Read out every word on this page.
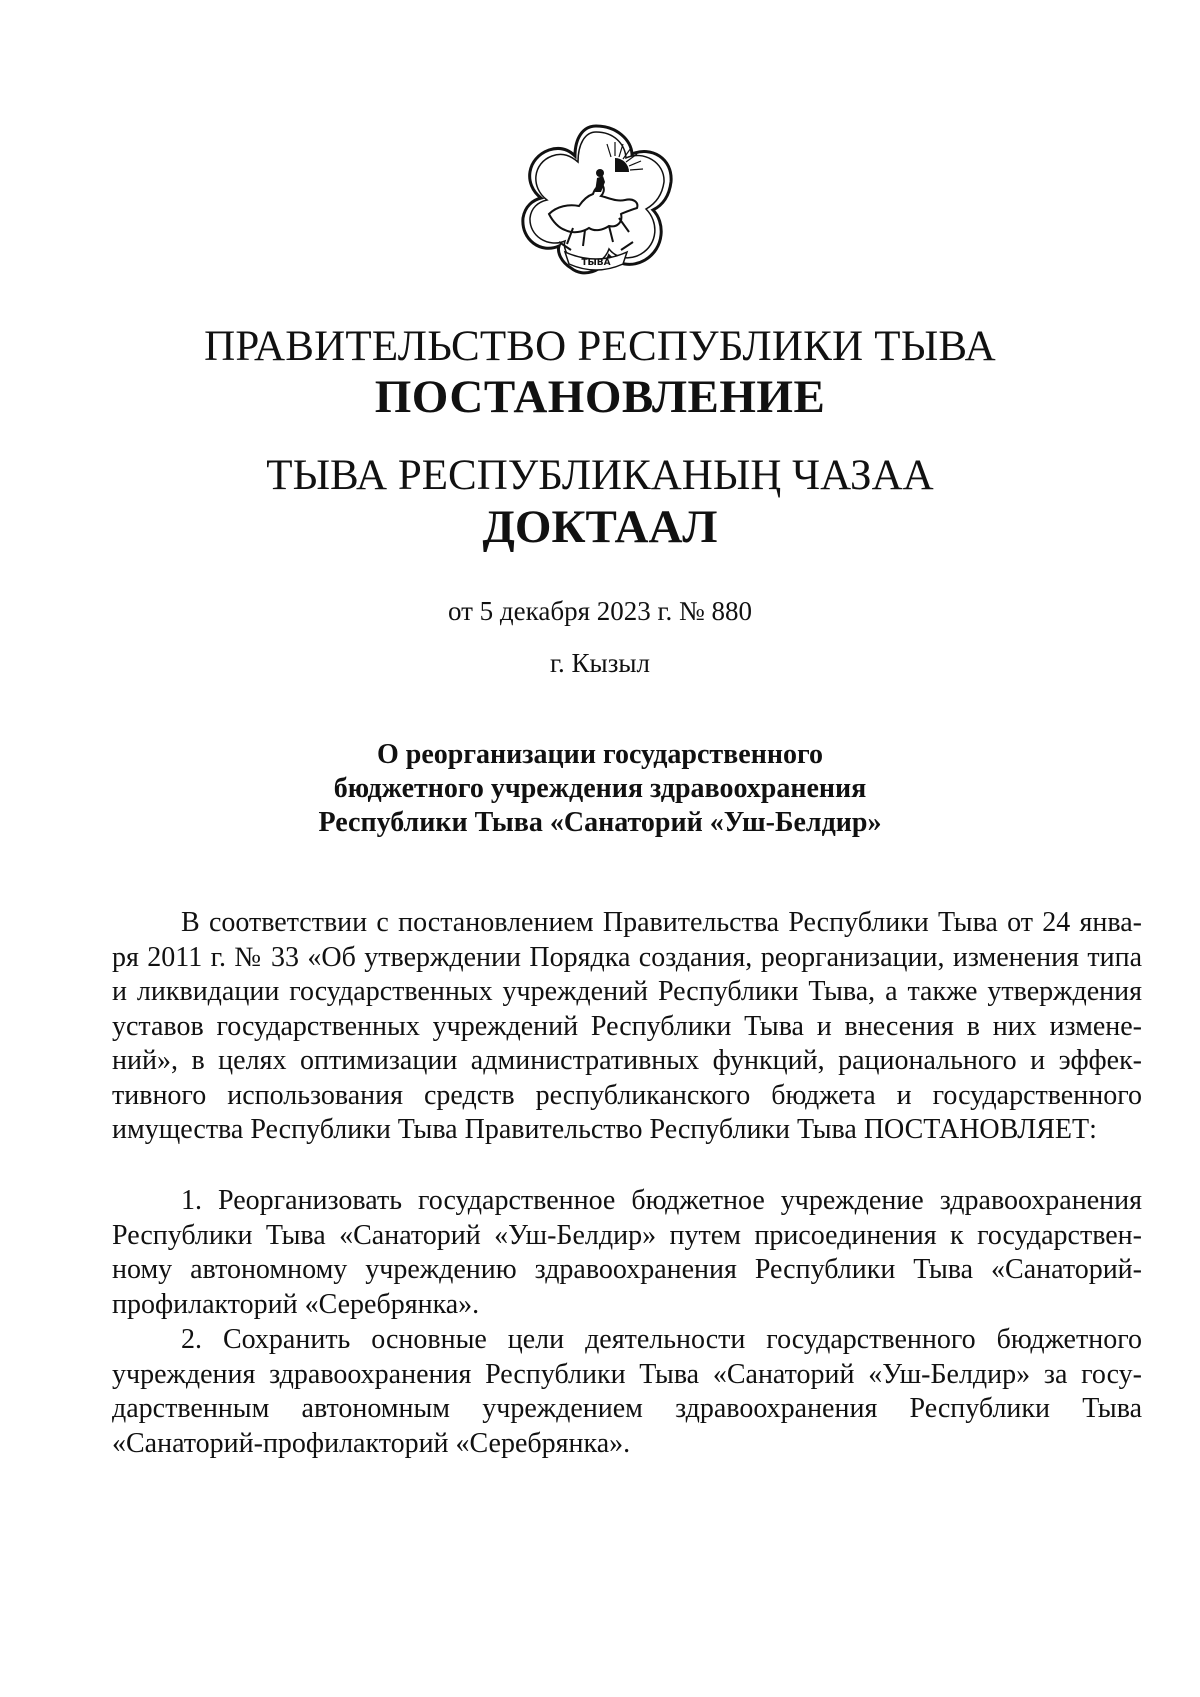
ТЫВА
ПРАВИТЕЛЬСТВО РЕСПУБЛИКИ ТЫВА
ПОСТАНОВЛЕНИЕ
ТЫВА РЕСПУБЛИКАНЫҢ ЧАЗАА
ДОКТААЛ
от 5 декабря 2023 г. № 880
г. Кызыл
О реорганизации государственного
бюджетного учреждения здравоохранения
Республики Тыва «Санаторий «Уш-Белдир»
В соответствии с постановлением Правительства Республики Тыва от 24 янва-
ря 2011 г. № 33 «Об утверждении Порядка создания, реорганизации, изменения типа
и ликвидации государственных учреждений Республики Тыва, а также утверждения
уставов государственных учреждений Республики Тыва и внесения в них измене-
ний», в целях оптимизации административных функций, рационального и эффек-
тивного использования средств республиканского бюджета и государственного
имущества Республики Тыва Правительство Республики Тыва ПОСТАНОВЛЯЕТ:
1. Реорганизовать государственное бюджетное учреждение здравоохранения
Республики Тыва «Санаторий «Уш-Белдир» путем присоединения к государствен-
ному автономному учреждению здравоохранения Республики Тыва «Санаторий-
профилакторий «Серебрянка».
2. Сохранить основные цели деятельности государственного бюджетного
учреждения здравоохранения Республики Тыва «Санаторий «Уш-Белдир» за госу-
дарственным автономным учреждением здравоохранения Республики Тыва
«Санаторий-профилакторий «Серебрянка».
